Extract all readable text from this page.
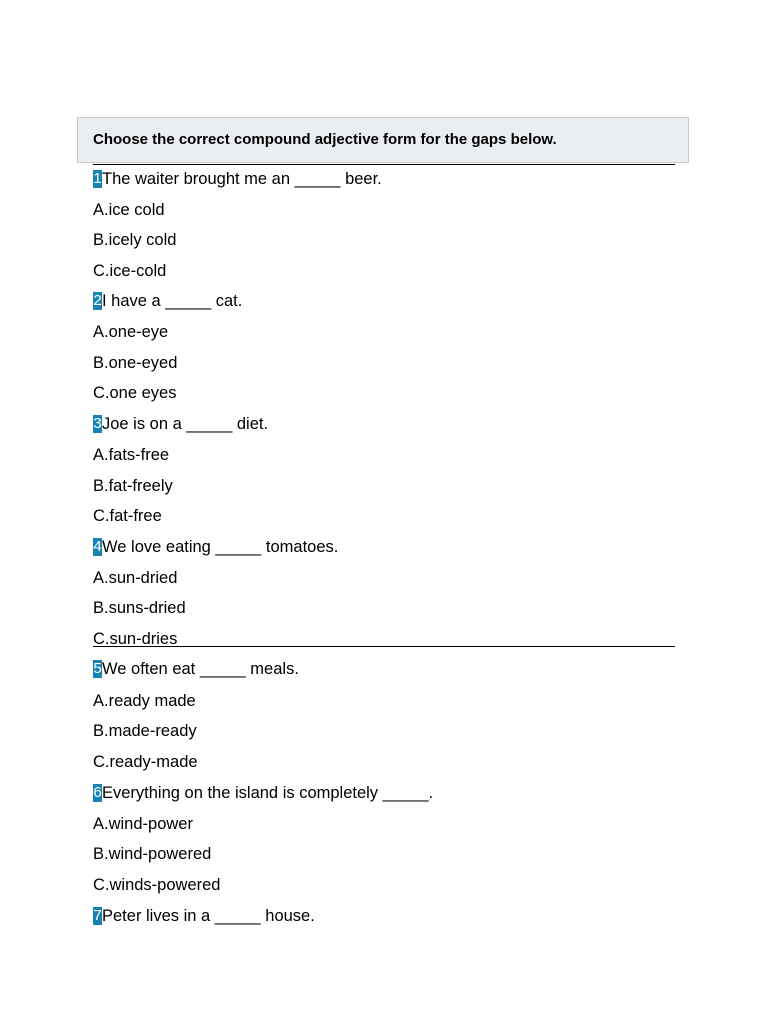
Choose the correct compound adjective form for the gaps below.
1The waiter brought me an _____ beer.
A.ice cold
B.icely cold
C.ice-cold
2I have a _____ cat.
A.one-eye
B.one-eyed
C.one eyes
3Joe is on a _____ diet.
A.fats-free
B.fat-freely
C.fat-free
4We love eating _____ tomatoes.
A.sun-dried
B.suns-dried
C.sun-dries
5We often eat _____ meals.
A.ready made
B.made-ready
C.ready-made
6Everything on the island is completely _____.
A.wind-power
B.wind-powered
C.winds-powered
7Peter lives in a _____ house.
